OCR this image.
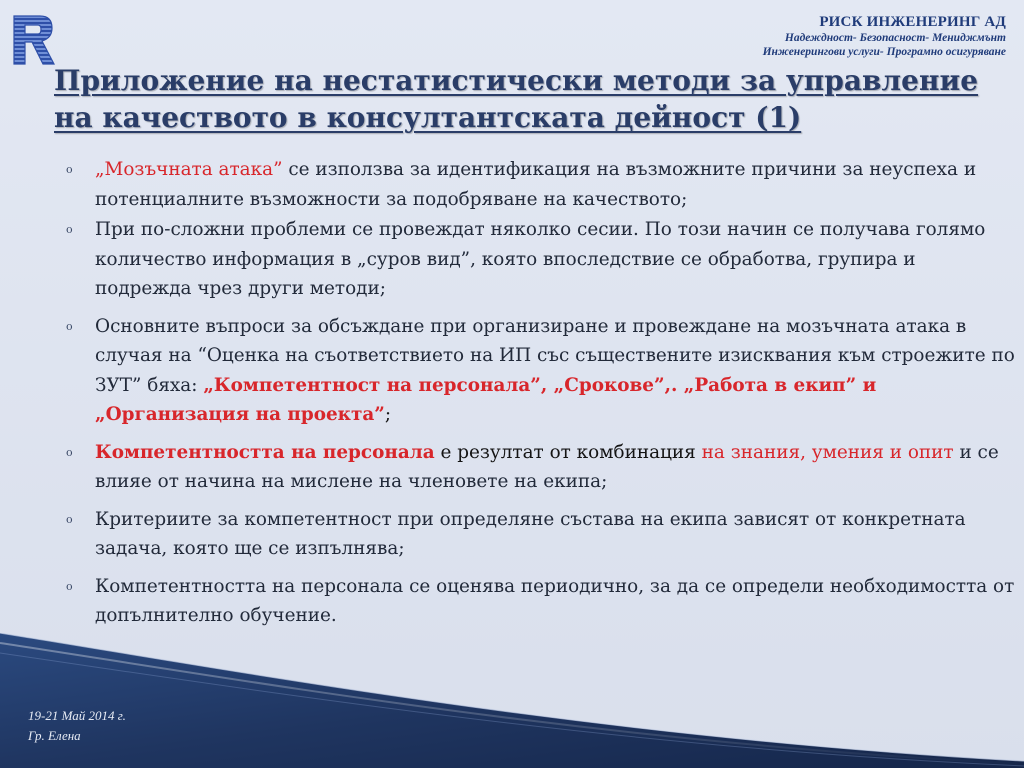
РИСК ИНЖЕНЕРИНГ АД
Надеждност- Безопасност- Мениджмънт
Инженерингови услуги- Програмно осигуряване
Приложение на нестатистически методи за управление
на качеството в консултантската дейност (1)
o „Мозъчната атака” се използва за идентификация на възможните причини за неуспеха и потенциалните възможности за подобряване на качеството;
o При по-сложни проблеми се провеждат няколко сесии. По този начин се получава голямо количество информация в „суров вид”, която впоследствие се обработва, групира и подрежда чрез други методи;
o Основните въпроси за обсъждане при организиране и провеждане на мозъчната атака в случая на “Оценка на съответствието на ИП със съществените изисквания към строежите по ЗУТ” бяха: „Компетентност на персонала”, „Срокове”,. „Работа в екип” и „Организация на проекта”;
o Компетентността на персонала е резултат от комбинация на знания, умения и опит и се влияе от начина на мислене на членовете на екипа;
o Критериите за компетентност при определяне състава на екипа зависят от конкретната задача, която ще се изпълнява;
o Компетентността на персонала се оценява периодично, за да се определи необходимостта от допълнително обучение.
19-21 Май 2014 г.
Гр. Елена
